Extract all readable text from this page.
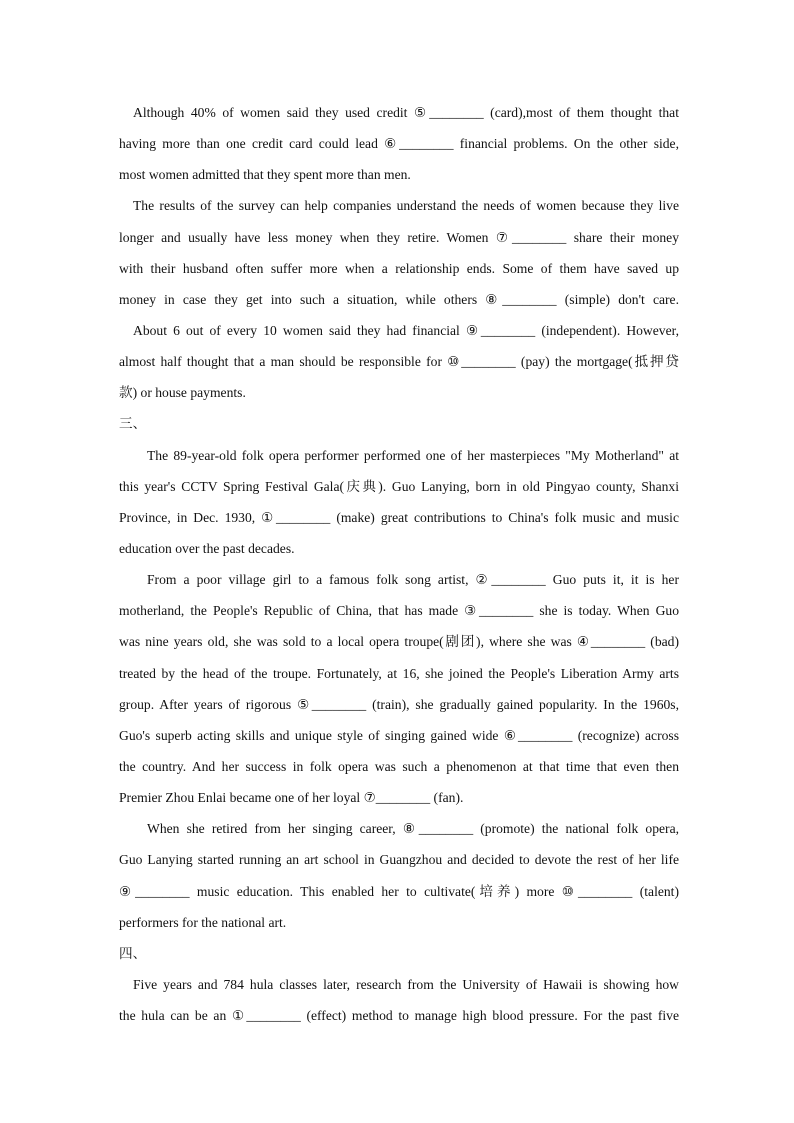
Although 40% of women said they used credit ⑤________ (card),most of them thought that
having more than one credit card could lead ⑥________ financial problems. On the other side,
most women admitted that they spent more than men.
The results of the survey can help companies understand the needs of women because they live
longer and usually have less money when they retire. Women ⑦________ share their money
with their husband often suffer more when a relationship ends. Some of them have saved up
money in case they get into such a situation, while others ⑧________ (simple) don't care.
About 6 out of every 10 women said they had financial ⑨________ (independent). However,
almost half thought that a man should be responsible for ⑩________ (pay) the mortgage(抵押贷
款) or house payments.
三、
The 89-year-old folk opera performer performed one of her masterpieces "My Motherland" at
this year's CCTV Spring Festival Gala(庆典). Guo Lanying, born in old Pingyao county, Shanxi
Province, in Dec. 1930, ①________ (make) great contributions to China's folk music and music
education over the past decades.
From a poor village girl to a famous folk song artist, ②________ Guo puts it, it is her
motherland, the People's Republic of China, that has made ③________ she is today. When Guo
was nine years old, she was sold to a local opera troupe(剧团), where she was ④________ (bad)
treated by the head of the troupe. Fortunately, at 16, she joined the People's Liberation Army arts
group. After years of rigorous ⑤________ (train), she gradually gained popularity. In the 1960s,
Guo's superb acting skills and unique style of singing gained wide ⑥________ (recognize) across
the country. And her success in folk opera was such a phenomenon at that time that even then
Premier Zhou Enlai became one of her loyal ⑦________ (fan).
When she retired from her singing career, ⑧________ (promote) the national folk opera,
Guo Lanying started running an art school in Guangzhou and decided to devote the rest of her life
⑨________ music education. This enabled her to cultivate(培养) more ⑩________ (talent)
performers for the national art.
四、
Five years and 784 hula classes later, research from the University of Hawaii is showing how
the hula can be an ①________ (effect) method to manage high blood pressure. For the past five
